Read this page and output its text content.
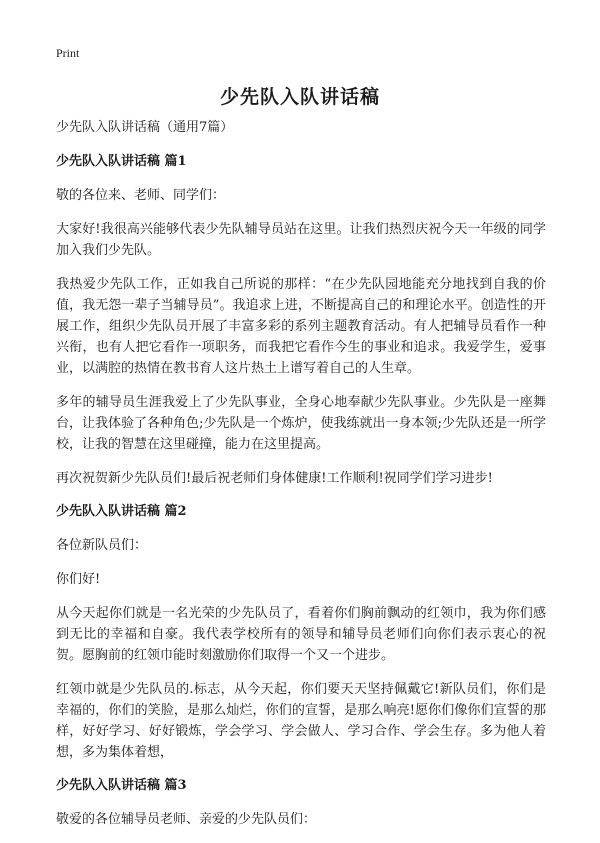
Print
少先队入队讲话稿
少先队入队讲话稿（通用7篇）
少先队入队讲话稿 篇1
敬的各位来、老师、同学们：
大家好!我很高兴能够代表少先队辅导员站在这里。让我们热烈庆祝今天一年级的同学加入我们少先队。
我热爱少先队工作，正如我自己所说的那样：“在少先队园地能充分地找到自我的价值，我无怨一辈子当辅导员”。我追求上进，不断提高自己的和理论水平。创造性的开展工作，组织少先队员开展了丰富多彩的系列主题教育活动。有人把辅导员看作一种兴衔，也有人把它看作一项职务，而我把它看作今生的事业和追求。我爱学生，爱事业，以满腔的热情在教书育人这片热土上谱写着自己的人生章。
多年的辅导员生涯我爱上了少先队事业，全身心地奉献少先队事业。少先队是一座舞台，让我体验了各种角色;少先队是一个炼炉，使我练就出一身本领;少先队还是一所学校，让我的智慧在这里碰撞，能力在这里提高。
再次祝贺新少先队员们!最后祝老师们身体健康!工作顺利!祝同学们学习进步!
少先队入队讲话稿 篇2
各位新队员们：
你们好!
从今天起你们就是一名光荣的少先队员了，看着你们胸前飘动的红领巾，我为你们感到无比的幸福和自豪。我代表学校所有的领导和辅导员老师们向你们表示衷心的祝贺。愿胸前的红领巾能时刻激励你们取得一个又一个进步。
红领巾就是少先队员的.标志，从今天起，你们要天天坚持佩戴它!新队员们，你们是幸福的，你们的笑脸，是那么灿烂，你们的宣誓，是那么响亮!愿你们像你们宣誓的那样，好好学习、好好锻炼，学会学习、学会做人、学习合作、学会生存。多为他人着想，多为集体着想，
少先队入队讲话稿 篇3
敬爱的各位辅导员老师、亲爱的少先队员们：
